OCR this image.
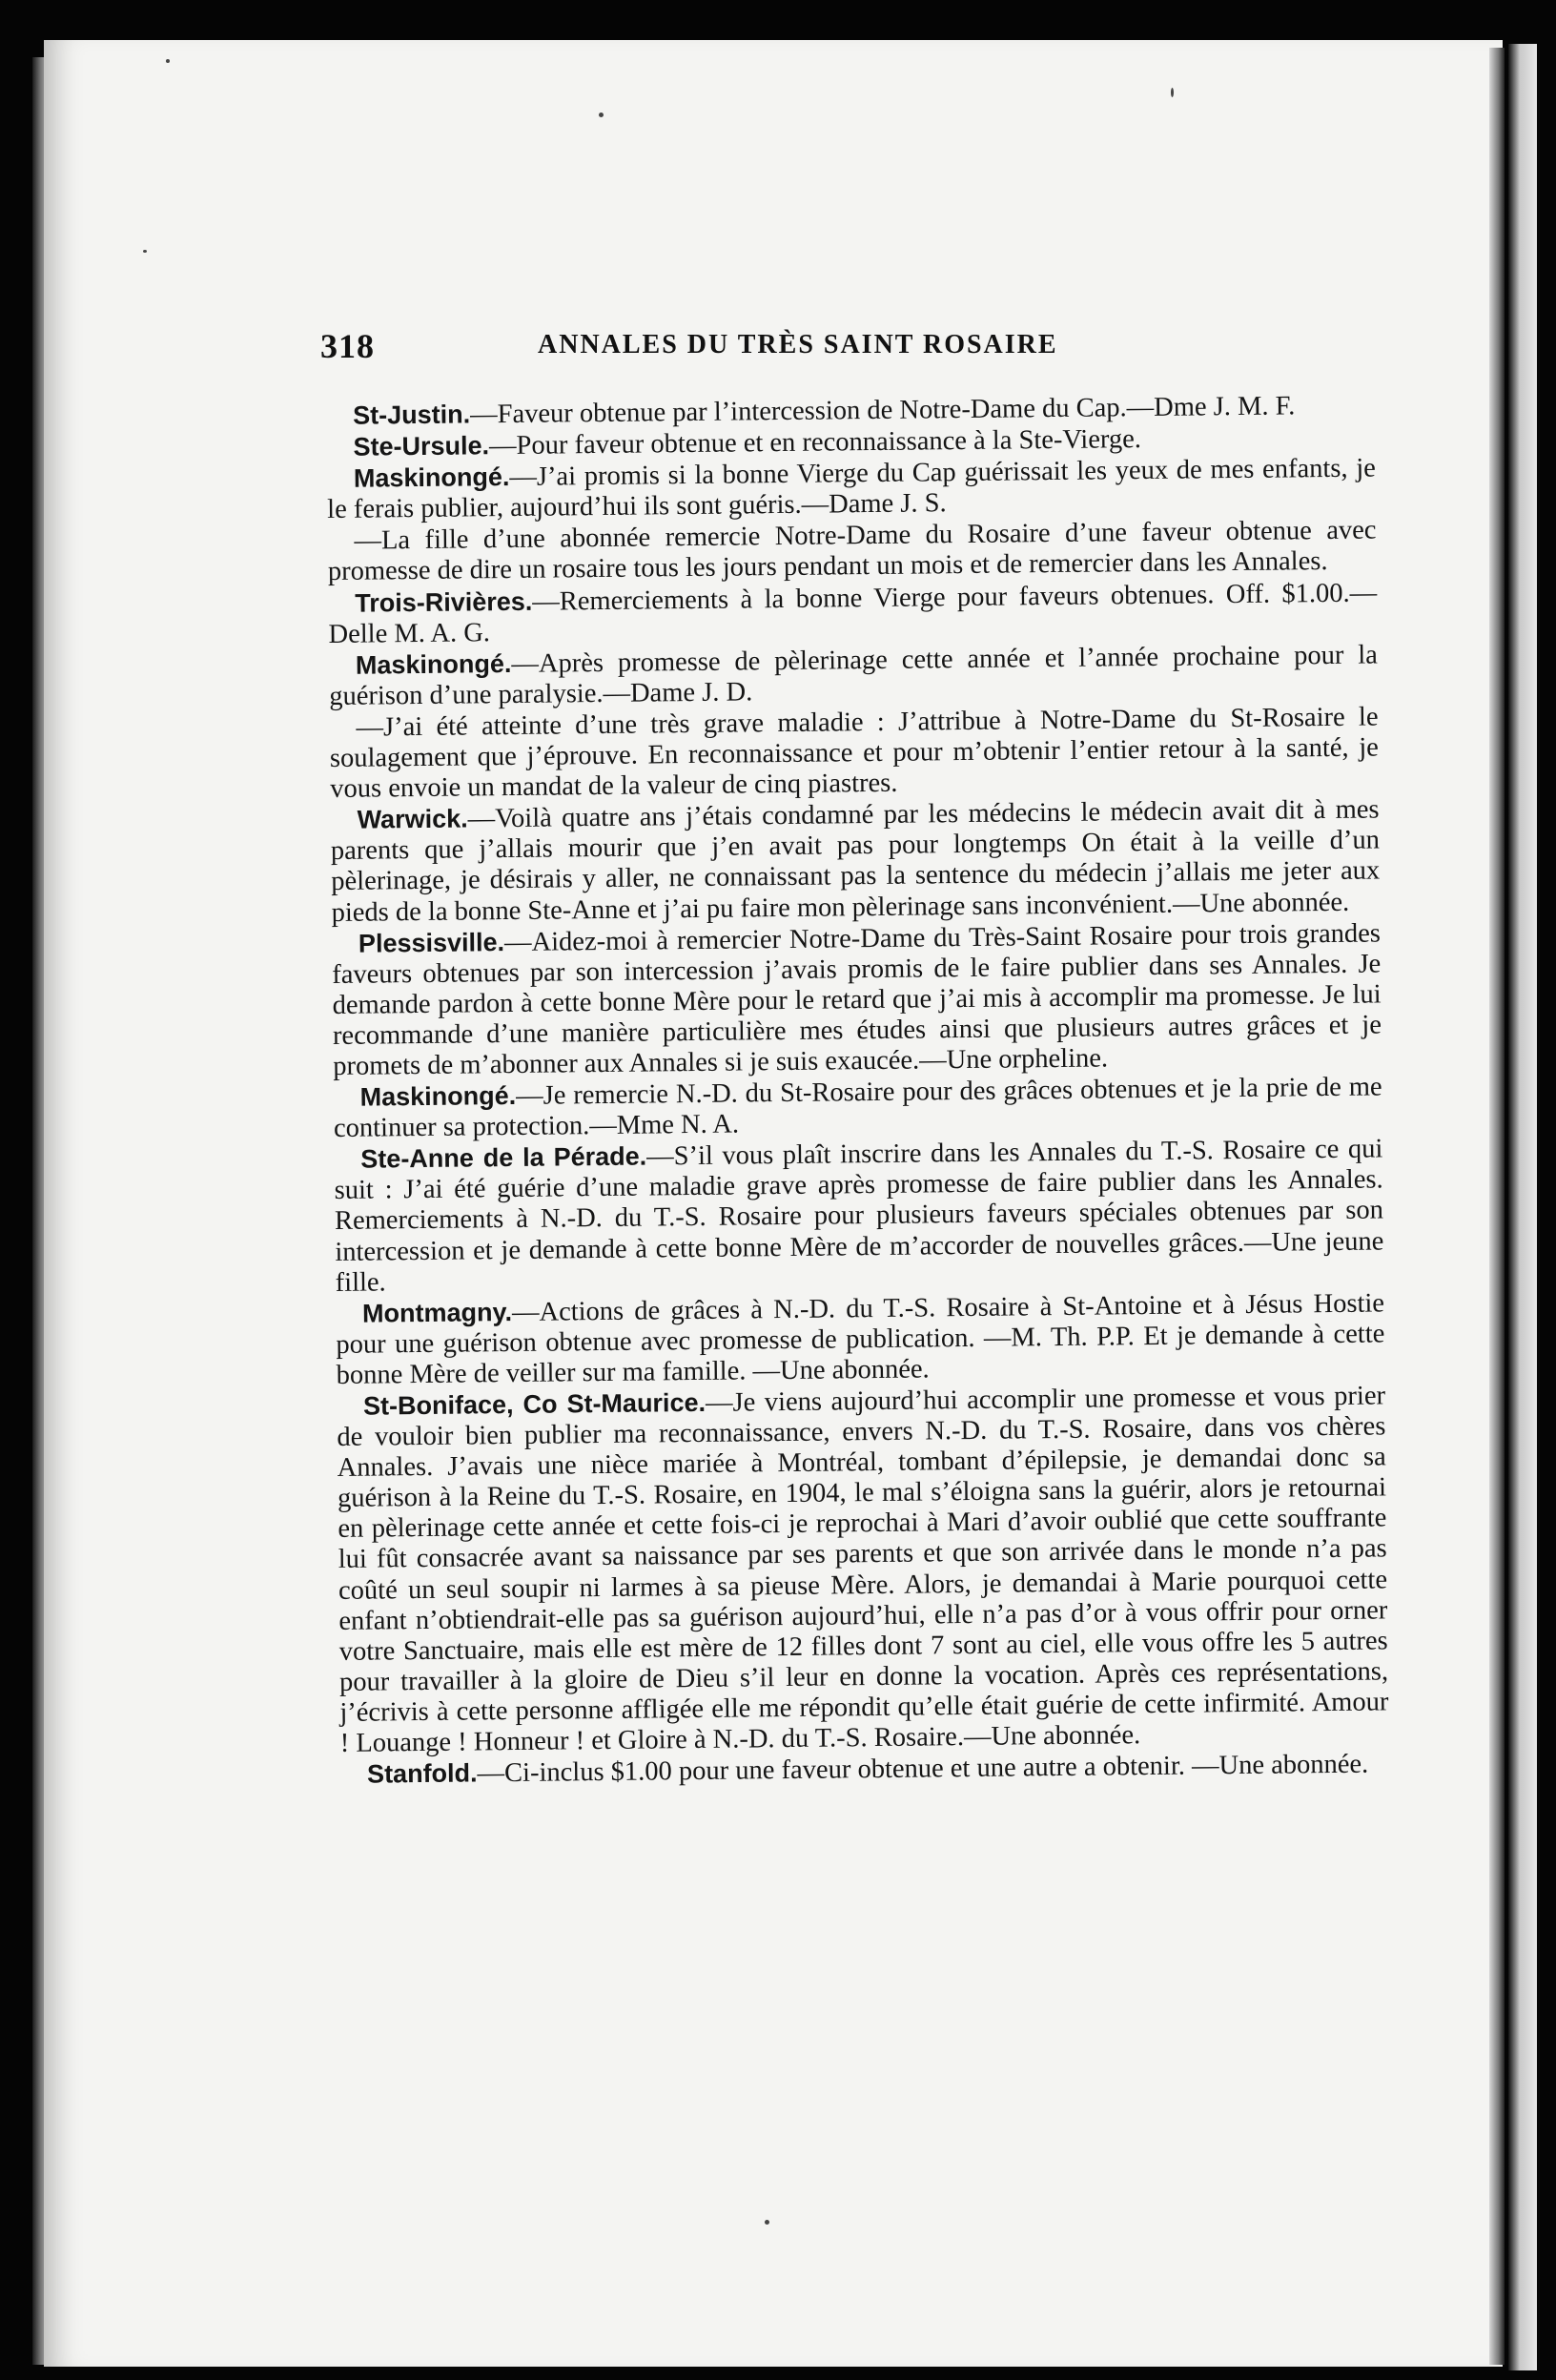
318	ANNALES DU TRÈS SAINT ROSAIRE

St-Justin.—Faveur obtenue par l’intercession de Notre-Dame du Cap.—Dme J. M. F.

Ste-Ursule.—Pour faveur obtenue et en reconnaissance à la Ste-Vierge.

Maskinongé.—J’ai promis si la bonne Vierge du Cap guérissait les yeux de mes enfants, je le ferais publier, aujourd’hui ils sont guéris.—Dame J. S.

—La fille d’une abonnée remercie Notre-Dame du Rosaire d’une faveur obtenue avec promesse de dire un rosaire tous les jours pendant un mois et de remercier dans les Annales.

Trois-Rivières.—Remerciements à la bonne Vierge pour faveurs obtenues. Off. $1.00.—Delle M. A. G.

Maskinongé.—Après promesse de pèlerinage cette année et l’année prochaine pour la guérison d’une paralysie.—Dame J. D.

—J’ai été atteinte d’une très grave maladie : J’attribue à Notre-Dame du St-Rosaire le soulagement que j’éprouve. En reconnaissance et pour m’obtenir l’entier retour à la santé, je vous envoie un mandat de la valeur de cinq piastres.

Warwick.—Voilà quatre ans j’étais condamné par les médecins le médecin avait dit à mes parents que j’allais mourir que j’en avait pas pour longtemps On était à la veille d’un pèlerinage, je désirais y aller, ne connaissant pas la sentence du médecin j’allais me jeter aux pieds de la bonne Ste-Anne et j’ai pu faire mon pèlerinage sans inconvénient.—Une abonnée.

Plessisville.—Aidez-moi à remercier Notre-Dame du Très-Saint Rosaire pour trois grandes faveurs obtenues par son intercession j’avais promis de le faire publier dans ses Annales. Je demande pardon à cette bonne Mère pour le retard que j’ai mis à accomplir ma promesse. Je lui recommande d’une manière particulière mes études ainsi que plusieurs autres grâces et je promets de m’abonner aux Annales si je suis exaucée.—Une orpheline.

Maskinongé.—Je remercie N.-D. du St-Rosaire pour des grâces obtenues et je la prie de me continuer sa protection.—Mme N. A.

Ste-Anne de la Pérade.—S’il vous plaît inscrire dans les Annales du T.-S. Rosaire ce qui suit : J’ai été guérie d’une maladie grave après promesse de faire publier dans les Annales. Remerciements à N.-D. du T.-S. Rosaire pour plusieurs faveurs spéciales obtenues par son intercession et je demande à cette bonne Mère de m’accorder de nouvelles grâces.—Une jeune fille.

Montmagny.—Actions de grâces à N.-D. du T.-S. Rosaire à St-Antoine et à Jésus Hostie pour une guérison obtenue avec promesse de publication. —M. Th. P.P. Et je demande à cette bonne Mère de veiller sur ma famille. —Une abonnée.

St-Boniface, Co St-Maurice.—Je viens aujourd’hui accomplir une promesse et vous prier de vouloir bien publier ma reconnaissance, envers N.-D. du T.-S. Rosaire, dans vos chères Annales. J’avais une nièce mariée à Montréal, tombant d’épilepsie, je demandai donc sa guérison à la Reine du T.-S. Rosaire, en 1904, le mal s’éloigna sans la guérir, alors je retournai en pèlerinage cette année et cette fois-ci je reprochai à Mari d’avoir oublié que cette souffrante lui fût consacrée avant sa naissance par ses parents et que son arrivée dans le monde n’a pas coûté un seul soupir ni larmes à sa pieuse Mère. Alors, je demandai à Marie pourquoi cette enfant n’obtiendrait-elle pas sa guérison aujourd’hui, elle n’a pas d’or à vous offrir pour orner votre Sanctuaire, mais elle est mère de 12 filles dont 7 sont au ciel, elle vous offre les 5 autres pour travailler à la gloire de Dieu s’il leur en donne la vocation. Après ces représentations, j’écrivis à cette personne affligée elle me répondit qu’elle était guérie de cette infirmité. Amour ! Louange ! Honneur ! et Gloire à N.-D. du T.-S. Rosaire.—Une abonnée.

Stanfold.—Ci-inclus $1.00 pour une faveur obtenue et une autre a obtenir. —Une abonnée.
